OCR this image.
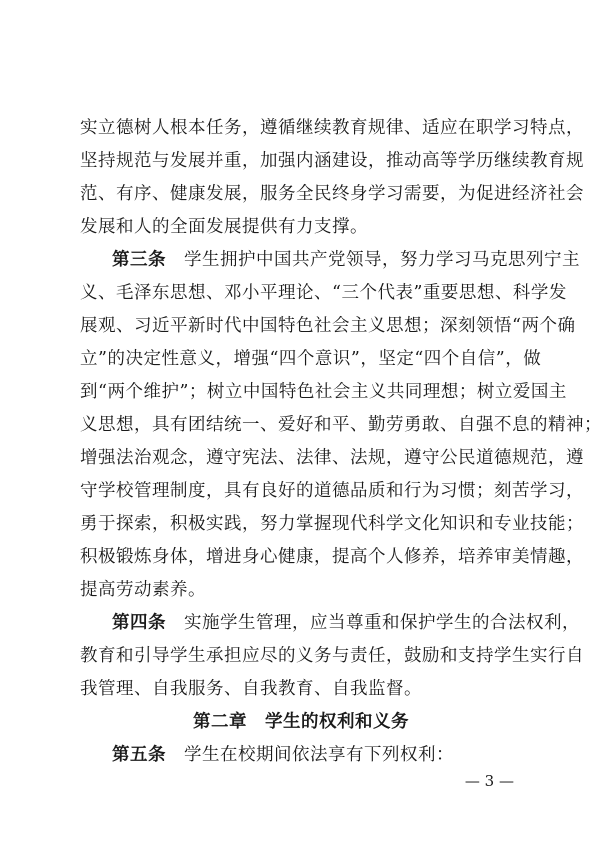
实立德树人根本任务，遵循继续教育规律、适应在职学习特点，
坚持规范与发展并重，加强内涵建设，推动高等学历继续教育规
范、有序、健康发展，服务全民终身学习需要，为促进经济社会
发展和人的全面发展提供有力支撑。
第三条　 学生拥护中国共产党领导，努力学习马克思列宁主
义、毛泽东思想、邓小平理论、“三个代表”重要思想、科学发
展观、习近平新时代中国特色社会主义思想；深刻领悟“两个确
立”的决定性意义，增强“四个意识”，坚定“四个自信”，做
到“两个维护”；树立中国特色社会主义共同理想；树立爱国主
义思想，具有团结统一、爱好和平、勤劳勇敢、自强不息的精神；
增强法治观念，遵守宪法、法律、法规，遵守公民道德规范，遵
守学校管理制度，具有良好的道德品质和行为习惯；刻苦学习，
勇于探索，积极实践，努力掌握现代科学文化知识和专业技能；
积极锻炼身体，增进身心健康，提高个人修养，培养审美情趣，
提高劳动素养。
第四条　 实施学生管理，应当尊重和保护学生的合法权利，
教育和引导学生承担应尽的义务与责任，鼓励和支持学生实行自
我管理、自我服务、自我教育、自我监督。
第二章　学生的权利和义务
第五条　 学生在校期间依法享有下列权利：
— 3 —
